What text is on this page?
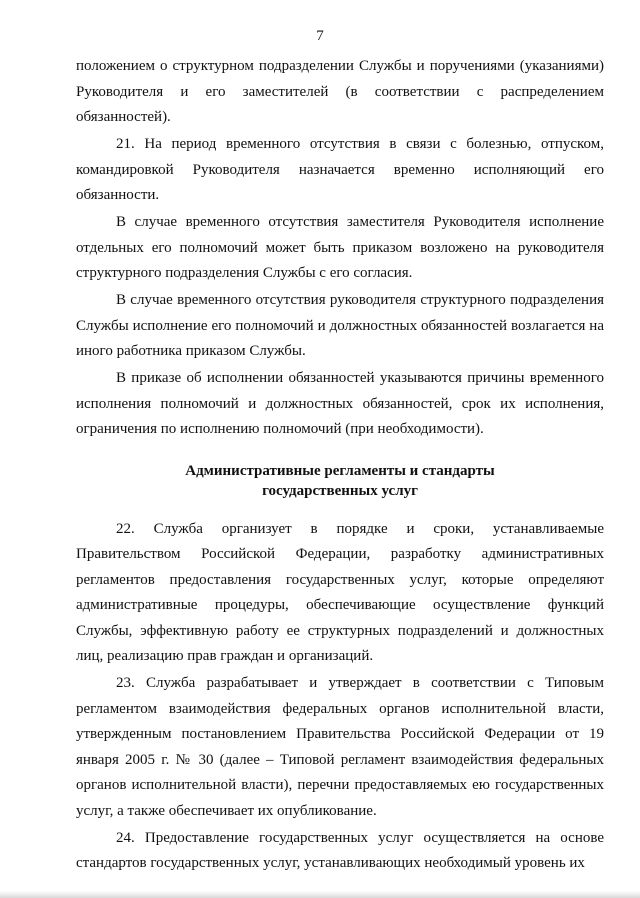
7

положением о структурном подразделении Службы и поручениями (указаниями) Руководителя и его заместителей (в соответствии с распределением обязанностей).

21. На период временного отсутствия в связи с болезнью, отпуском, командировкой Руководителя назначается временно исполняющий его обязанности.

В случае временного отсутствия заместителя Руководителя исполнение отдельных его полномочий может быть приказом возложено на руководителя структурного подразделения Службы с его согласия.

В случае временного отсутствия руководителя структурного подразделения Службы исполнение его полномочий и должностных обязанностей возлагается на иного работника приказом Службы.

В приказе об исполнении обязанностей указываются причины временного исполнения полномочий и должностных обязанностей, срок их исполнения, ограничения по исполнению полномочий (при необходимости).

Административные регламенты и стандарты
государственных услуг

22. Служба организует в порядке и сроки, устанавливаемые Правительством Российской Федерации, разработку административных регламентов предоставления государственных услуг, которые определяют административные процедуры, обеспечивающие осуществление функций Службы, эффективную работу ее структурных подразделений и должностных лиц, реализацию прав граждан и организаций.

23. Служба разрабатывает и утверждает в соответствии с Типовым регламентом взаимодействия федеральных органов исполнительной власти, утвержденным постановлением Правительства Российской Федерации от 19 января 2005 г. № 30 (далее – Типовой регламент взаимодействия федеральных органов исполнительной власти), перечни предоставляемых ею государственных услуг, а также обеспечивает их опубликование.

24. Предоставление государственных услуг осуществляется на основе стандартов государственных услуг, устанавливающих необходимый уровень их
